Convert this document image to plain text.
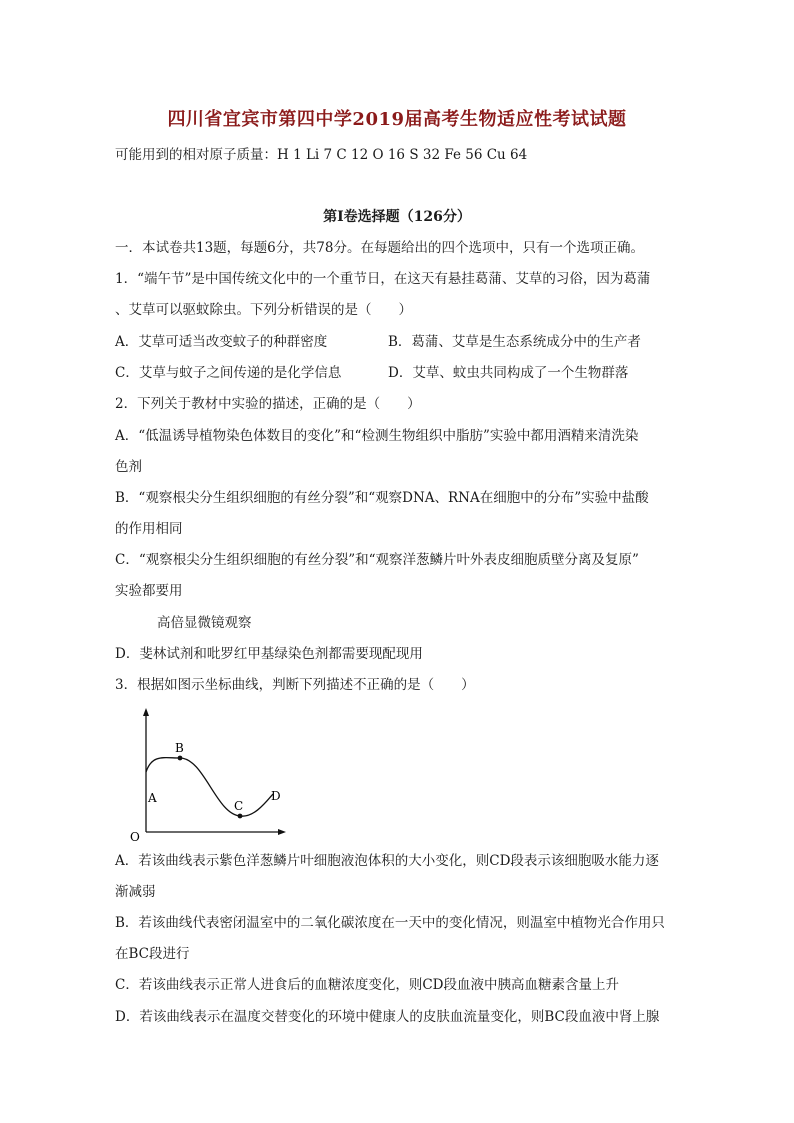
四川省宜宾市第四中学2019届高考生物适应性考试试题
可能用到的相对原子质量：H 1 Li 7 C 12 O 16 S 32 Fe 56 Cu 64
第Ⅰ卷选择题（126分）
一．本试卷共13题，每题6分，共78分。在每题给出的四个选项中，只有一个选项正确。
1．“端午节”是中国传统文化中的一个重节日，在这天有悬挂葛蒲、艾草的习俗，因为葛蒲
、艾草可以驱蚊除虫。下列分析错误的是（　　）
A．艾草可适当改变蚊子的种群密度	B．葛蒲、艾草是生态系统成分中的生产者
C．艾草与蚊子之间传递的是化学信息	D．艾草、蚊虫共同构成了一个生物群落
2．下列关于教材中实验的描述，正确的是（　　）
A．“低温诱导植物染色体数目的变化”和“检测生物组织中脂肪”实验中都用酒精来清洗染
色剂
B．“观察根尖分生组织细胞的有丝分裂”和“观察DNA、RNA在细胞中的分布”实验中盐酸
的作用相同
C．“观察根尖分生组织细胞的有丝分裂”和“观察洋葱鳞片叶外表皮细胞质壁分离及复原”
实验都要用
高倍显微镜观察
D．斐林试剂和吡罗红甲基绿染色剂都需要现配现用
3．根据如图示坐标曲线，判断下列描述不正确的是（　　）
O
A
B
C
D
A．若该曲线表示紫色洋葱鳞片叶细胞液泡体积的大小变化，则CD段表示该细胞吸水能力逐
渐减弱
B．若该曲线代表密闭温室中的二氧化碳浓度在一天中的变化情况，则温室中植物光合作用只
在BC段进行
C．若该曲线表示正常人进食后的血糖浓度变化，则CD段血液中胰高血糖素含量上升
D．若该曲线表示在温度交替变化的环境中健康人的皮肤血流量变化，则BC段血液中肾上腺
